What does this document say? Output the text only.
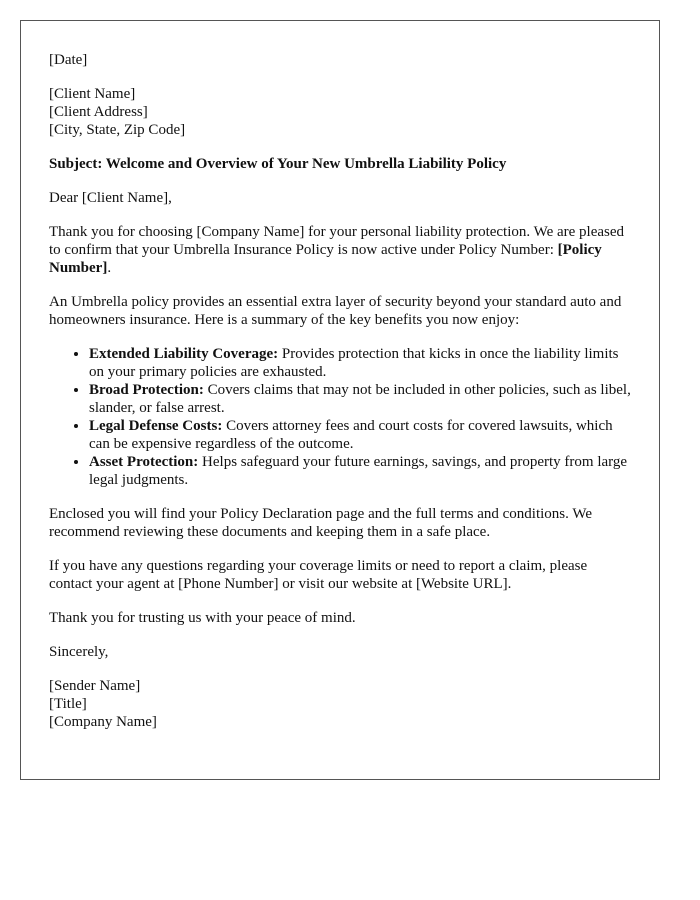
[Date]
[Client Name]
[Client Address]
[City, State, Zip Code]
Subject: Welcome and Overview of Your New Umbrella Liability Policy

Dear [Client Name],

Thank you for choosing [Company Name] for your personal liability protection. We are pleased to confirm that your Umbrella Insurance Policy is now active under Policy Number: [Policy Number].

An Umbrella policy provides an essential extra layer of security beyond your standard auto and homeowners insurance. Here is a summary of the key benefits you now enjoy:

• Extended Liability Coverage: Provides protection that kicks in once the liability limits on your primary policies are exhausted.
• Broad Protection: Covers claims that may not be included in other policies, such as libel, slander, or false arrest.
• Legal Defense Costs: Covers attorney fees and court costs for covered lawsuits, which can be expensive regardless of the outcome.
• Asset Protection: Helps safeguard your future earnings, savings, and property from large legal judgments.

Enclosed you will find your Policy Declaration page and the full terms and conditions. We recommend reviewing these documents and keeping them in a safe place.

If you have any questions regarding your coverage limits or need to report a claim, please contact your agent at [Phone Number] or visit our website at [Website URL].

Thank you for trusting us with your peace of mind.

Sincerely,

[Sender Name]
[Title]
[Company Name]
